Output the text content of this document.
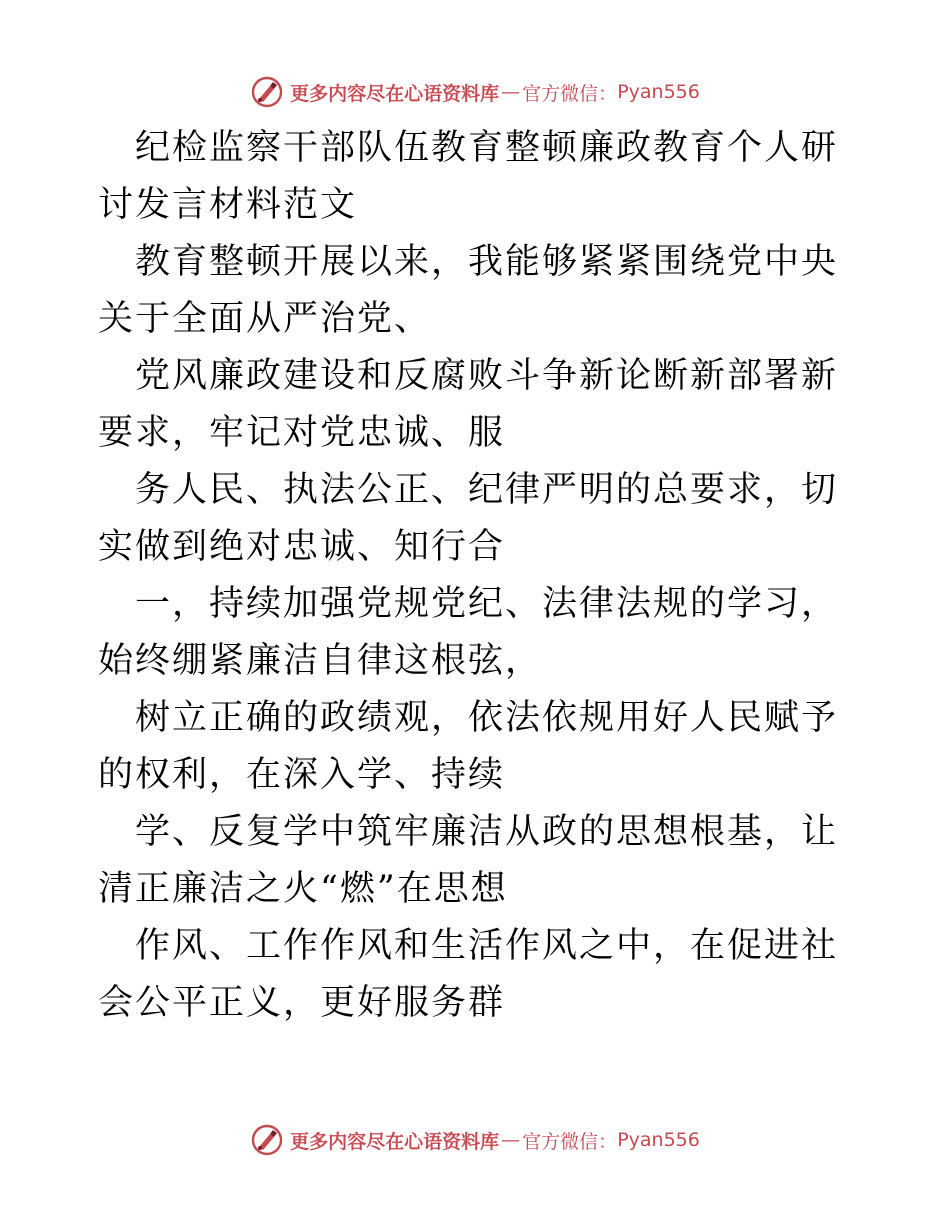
更多内容尽在心语资料库 — 官方微信： Pyan556

纪检监察干部队伍教育整顿廉政教育个人研讨发言材料范文

教育整顿开展以来，我能够紧紧围绕党中央关于全面从严治党、

党风廉政建设和反腐败斗争新论断新部署新要求，牢记对党忠诚、服

务人民、执法公正、纪律严明的总要求，切实做到绝对忠诚、知行合

一，持续加强党规党纪、法律法规的学习，始终绷紧廉洁自律这根弦，

树立正确的政绩观，依法依规用好人民赋予的权利，在深入学、持续

学、反复学中筑牢廉洁从政的思想根基，让清正廉洁之火“燃”在思想

作风、工作作风和生活作风之中，在促进社会公平正义，更好服务群

更多内容尽在心语资料库 — 官方微信： Pyan556
